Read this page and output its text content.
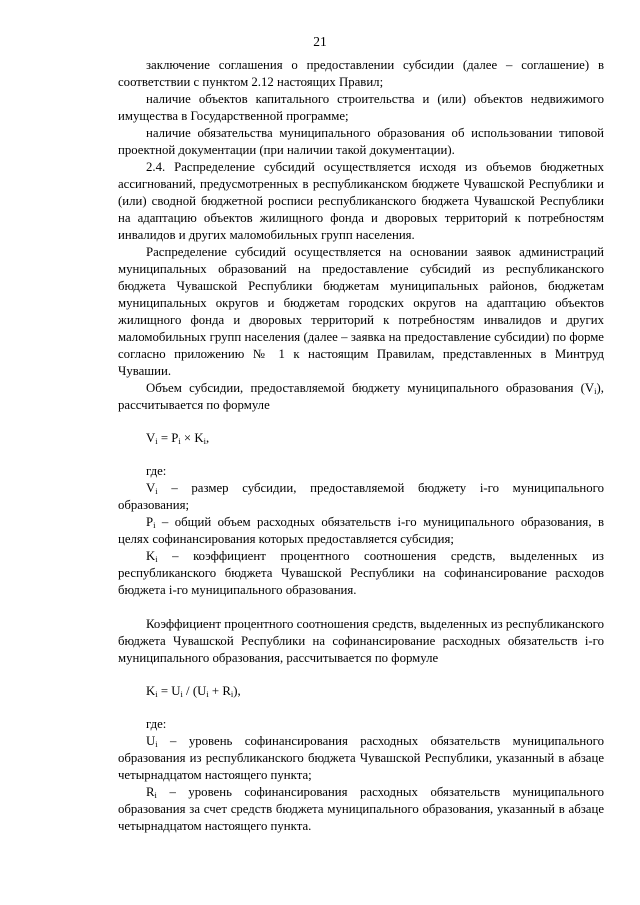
21

заключение соглашения о предоставлении субсидии (далее – соглашение) в соответствии с пунктом 2.12 настоящих Правил;

наличие объектов капитального строительства и (или) объектов недвижимого имущества в Государственной программе;

наличие обязательства муниципального образования об использовании типовой проектной документации (при наличии такой документации).

2.4. Распределение субсидий осуществляется исходя из объемов бюджетных ассигнований, предусмотренных в республиканском бюджете Чувашской Республики и (или) сводной бюджетной росписи республиканского бюджета Чувашской Республики на адаптацию объектов жилищного фонда и дворовых территорий к потребностям инвалидов и других маломобильных групп населения.

Распределение субсидий осуществляется на основании заявок администраций муниципальных образований на предоставление субсидий из республиканского бюджета Чувашской Республики бюджетам муниципальных районов, бюджетам муниципальных округов и бюджетам городских округов на адаптацию объектов жилищного фонда и дворовых территорий к потребностям инвалидов и других маломобильных групп населения (далее – заявка на предоставление субсидии) по форме согласно приложению № 1 к настоящим Правилам, представленных в Минтруд Чувашии.

Объем субсидии, предоставляемой бюджету муниципального образования $(V_i)$, рассчитывается по формуле

$V_i = P_i \times K_i$,

где:

$V_i$ – размер субсидии, предоставляемой бюджету i-го муниципального образования;

$P_i$ – общий объем расходных обязательств i-го муниципального образования, в целях софинансирования которых предоставляется субсидия;

$K_i$ – коэффициент процентного соотношения средств, выделенных из республиканского бюджета Чувашской Республики на софинансирование расходов бюджета i-го муниципального образования.

Коэффициент процентного соотношения средств, выделенных из республиканского бюджета Чувашской Республики на софинансирование расходных обязательств i-го муниципального образования, рассчитывается по формуле

$K_i = U_i / (U_i + R_i)$,

где:

$U_i$ – уровень софинансирования расходных обязательств муниципального образования из республиканского бюджета Чувашской Республики, указанный в абзаце четырнадцатом настоящего пункта;

$R_i$ – уровень софинансирования расходных обязательств муниципального образования за счет средств бюджета муниципального образования, указанный в абзаце четырнадцатом настоящего пункта.
